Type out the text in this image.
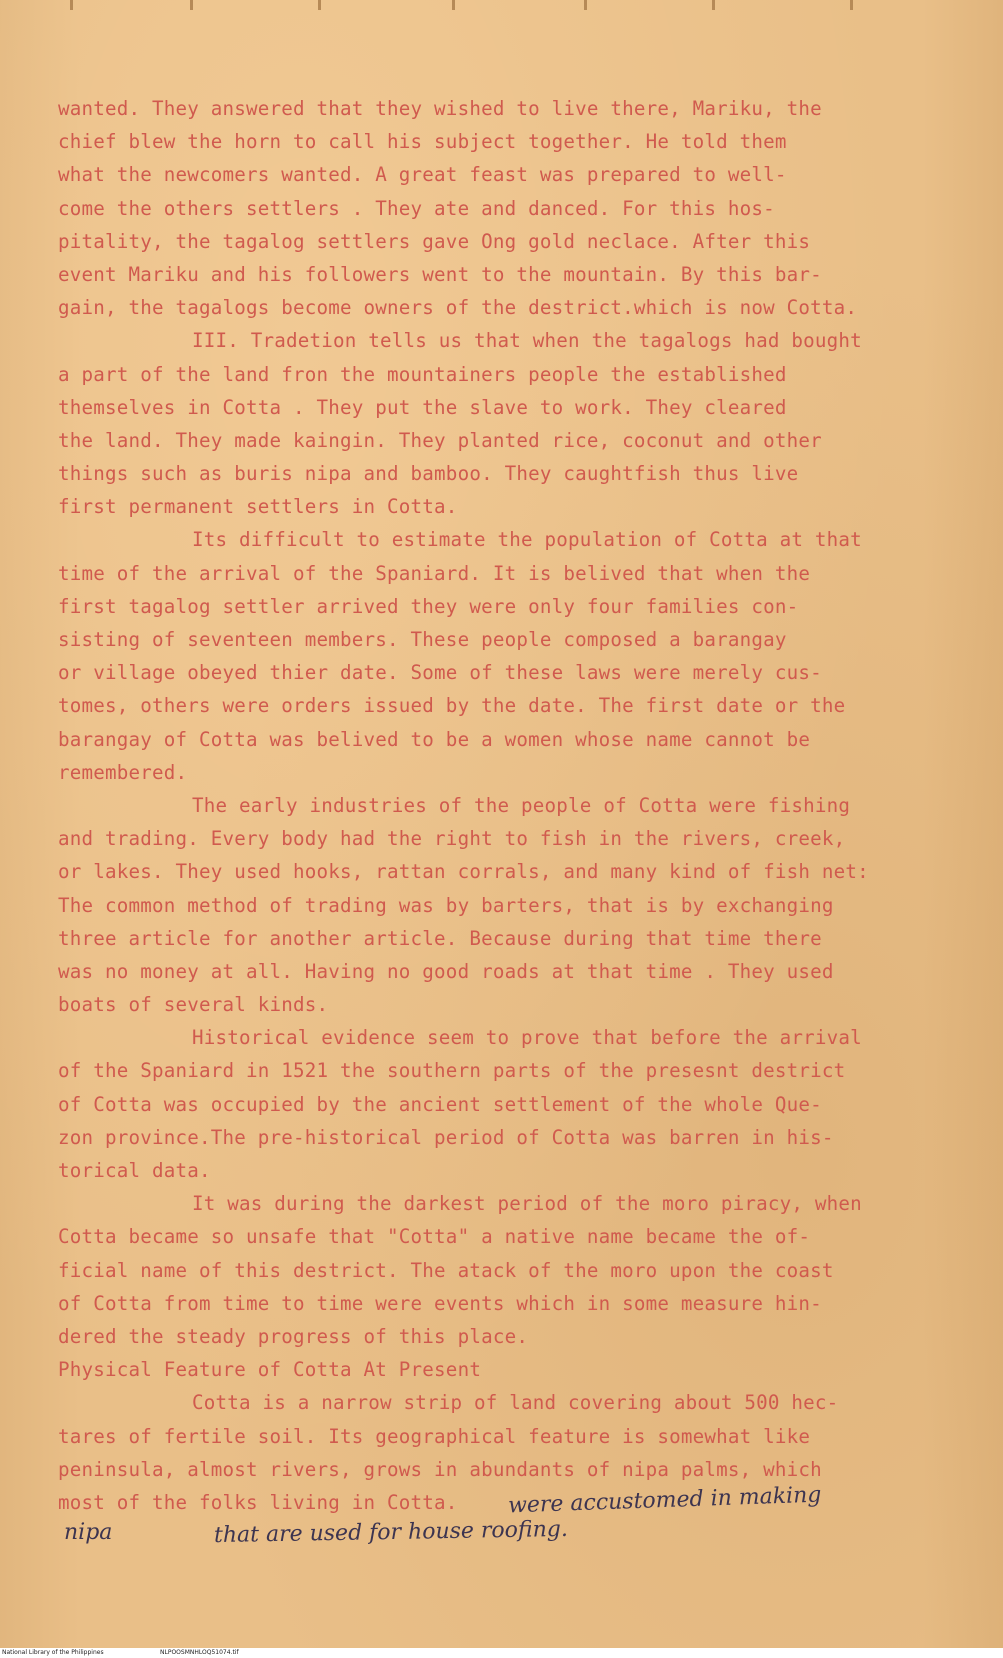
wanted. They answered that they wished to live there, Mariku, the
chief blew the horn to call his subject together. He told them
what the newcomers wanted. A great feast was prepared to well-
come the others settlers . They ate and danced. For this hos-
pitality, the tagalog settlers gave Ong gold neclace. After this
event Mariku and his followers went to the mountain. By this bar-
gain, the tagalogs become owners of the destrict.which is now Cotta.
III. Tradetion tells us that when the tagalogs had bought
a part of the land fron the mountainers people the established
themselves in Cotta . They put the slave to work. They cleared
the land. They made kaingin. They planted rice, coconut and other
things such as buris nipa and bamboo. They caughtfish thus live
first permanent settlers in Cotta.
Its difficult to estimate the population of Cotta at that
time of the arrival of the Spaniard. It is belived that when the
first tagalog settler arrived they were only four families con-
sisting of seventeen members. These people composed a barangay
or village obeyed thier date. Some of these laws were merely cus-
tomes, others were orders issued by the date. The first date or the
barangay of Cotta was belived to be a women whose name cannot be
remembered.
The early industries of the people of Cotta were fishing
and trading. Every body had the right to fish in the rivers, creek,
or lakes. They used hooks, rattan corrals, and many kind of fish net:
The common method of trading was by barters, that is by exchanging
three article for another article. Because during that time there
was no money at all. Having no good roads at that time . They used
boats of several kinds.
Historical evidence seem to prove that before the arrival
of the Spaniard in 1521 the southern parts of the presesnt destrict
of Cotta was occupied by the ancient settlement of the whole Que-
zon province.The pre-historical period of Cotta was barren in his-
torical data.
It was during the darkest period of the moro piracy, when
Cotta became so unsafe that "Cotta" a native name became the of-
ficial name of this destrict. The atack of the moro upon the coast
of Cotta from time to time were events which in some measure hin-
dered the steady progress of this place.
Physical Feature of Cotta At Present
Cotta is a narrow strip of land covering about 500 hec-
tares of fertile soil. Its geographical feature is somewhat like
peninsula, almost rivers, grows in abundants of nipa palms, which
most of the folks living in Cotta.	were accustomed in making
nipa	that are used for house roofing.
National Library of the Philippines	NLPOOSMNHLOQ51074.tif
